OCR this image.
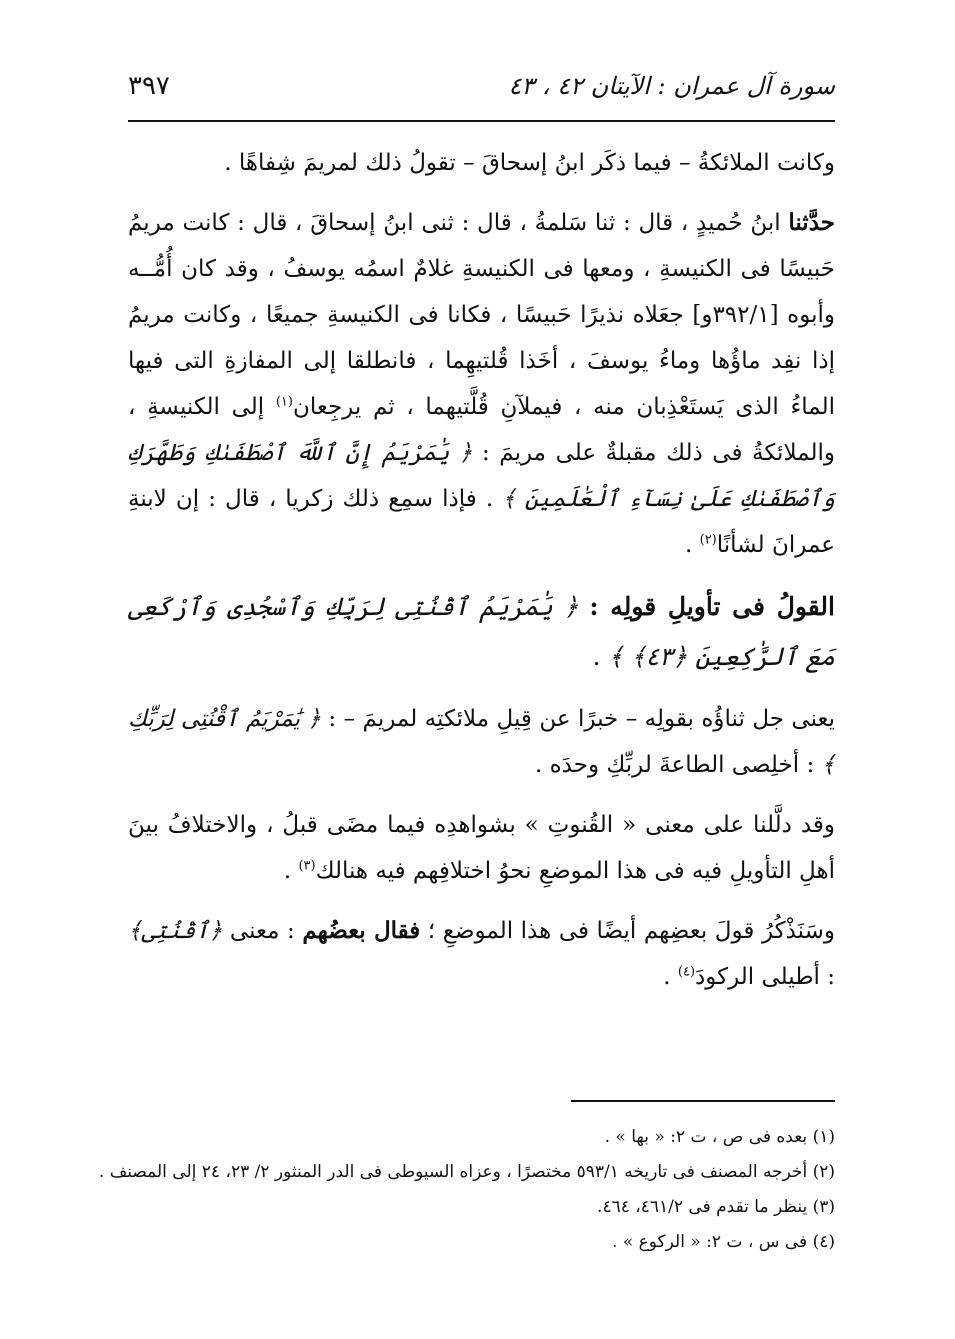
سورة آل عمران : الآيتان ٤٢ ، ٤٣
٣٩٧

وكانت الملائكةُ – فيما ذكَر ابنُ إسحاقَ – تقولُ ذلك لمريمَ شِفاهًا .

حدَّثنا ابنُ حُميدٍ ، قال : ثنا سَلمةُ ، قال : ثنى ابنُ إسحاقَ ، قال : كانت مريمُ حَبيسًا فى الكنيسةِ ، ومعها فى الكنيسةِ غلامٌ اسمُه يوسفُ ، وقد كان أُمُّــه وأبوه [٣٩٢/١و] جعَلاه نذيرًا حَبيسًا ، فكانا فى الكنيسةِ جميعًا ، وكانت مريمُ إذا نفِد ماؤُها وماءُ يوسفَ ، أخَذا قُلتيهِما ، فانطلقا إلى المفازةِ التى فيها الماءُ الذى يَستَعْذِبان منه ، فيملآنِ قُلَّتيهما ، ثم يرجِعان$^{(١)}$ إلى الكنيسةِ ، والملائكةُ فى ذلك مقبلةٌ على مريمَ : ﴿ يَٰمَرْيَمُ إِنَّ ٱللَّهَ ٱصْطَفَىٰكِ وَطَهَّرَكِ وَٱصْطَفَىٰكِ عَلَىٰ نِسَآءِ ٱلْعَٰلَمِينَ ﴾ . فإذا سمِع ذلك زكريا ، قال : إن لابنةِ عمرانَ لشأنًا$^{(٢)}$ .

القولُ فى تأويلِ قولِه : ﴿ يَٰمَرْيَمُ ٱقْنُتِى لِرَبِّكِ وَٱسْجُدِى وَٱرْكَعِى مَعَ ٱلرَّٰكِعِينَ ﴿٤٣﴾ ﴾ .

يعنى جل ثناؤُه بقولِه – خبرًا عن قِيلِ ملائكتِه لمريمَ – : ﴿ يَٰمَرْيَمُ ٱقْنُتِى لِرَبِّكِ ﴾ : أخلِصى الطاعةَ لربِّكِ وحدَه .

وقد دلَّلنا على معنى « القُنوتِ » بشواهدِه فيما مضَى قبلُ ، والاختلافُ بينَ أهلِ التأويلِ فيه فى هذا الموضعِ نحوُ اختلافِهم فيه هنالك$^{(٣)}$ .

وسَنَذْكُرُ قولَ بعضِهم أيضًا فى هذا الموضعِ ؛ فقال بعضُهم : معنى ﴿ٱقْنُتِى﴾ : أطيلى الركودَ$^{(٤)}$ .

(١) بعده فى ص ، ت ٢: « بها » .

(٢) أخرجه المصنف فى تاريخه ٥٩٣/١ مختصرًا ، وعزاه السيوطى فى الدر المنثور ٢/ ٢٣، ٢٤ إلى المصنف .

(٣) ينظر ما تقدم فى ٤٦١/٢، ٤٦٤.

(٤) فى س ، ت ٢: « الركوع » .
